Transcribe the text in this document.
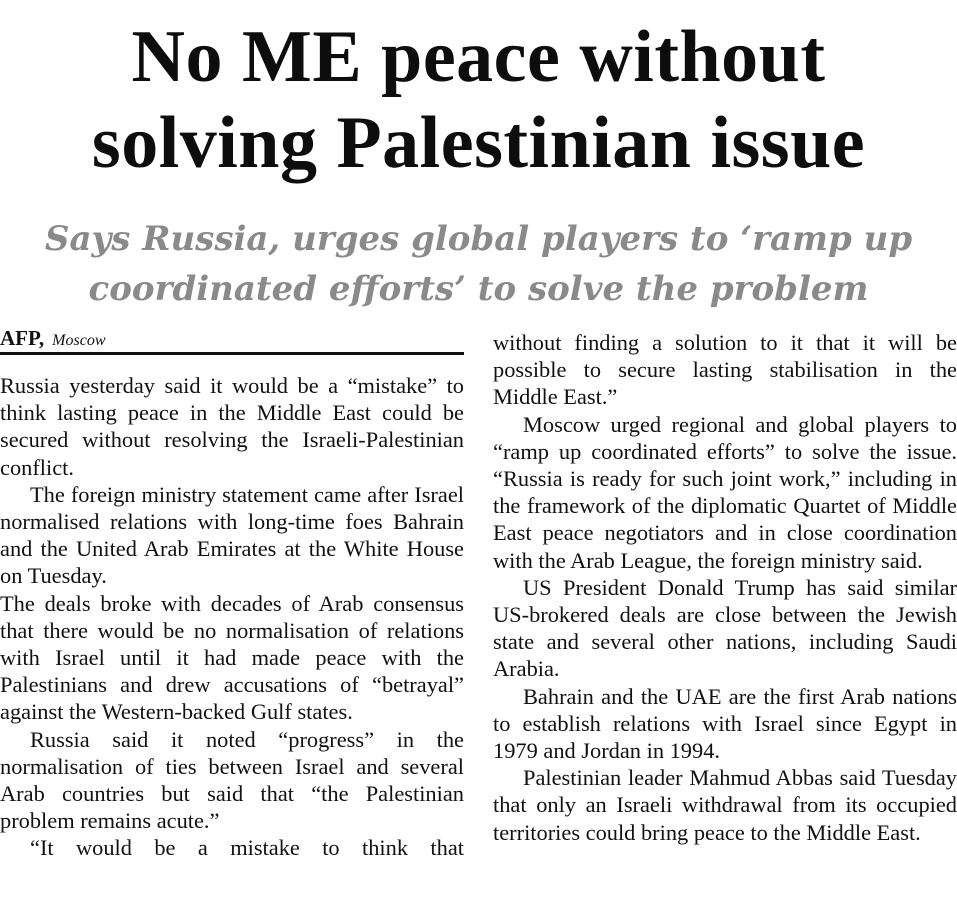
No ME peace without
solving Palestinian issue
Says Russia, urges global players to ‘ramp up
coordinated efforts’ to solve the problem
AFP, Moscow

Russia yesterday said it would be a “mistake” to think lasting peace in the Middle East could be secured without resolving the Israeli-Palestinian conflict.

The foreign ministry statement came after Israel normalised relations with long-time foes Bahrain and the United Arab Emirates at the White House on Tuesday.

The deals broke with decades of Arab consensus that there would be no normalisation of relations with Israel until it had made peace with the Palestinians and drew accusations of “betrayal” against the Western-backed Gulf states.

Russia said it noted “progress” in the normalisation of ties between Israel and several Arab countries but said that “the Palestinian problem remains acute.”

“It would be a mistake to think that

without finding a solution to it that it will be possible to secure lasting stabilisation in the Middle East.”

Moscow urged regional and global players to “ramp up coordinated efforts” to solve the issue. “Russia is ready for such joint work,” including in the framework of the diplomatic Quartet of Middle East peace negotiators and in close coordination with the Arab League, the foreign ministry said.

US President Donald Trump has said similar US-brokered deals are close between the Jewish state and several other nations, including Saudi Arabia.

Bahrain and the UAE are the first Arab nations to establish relations with Israel since Egypt in 1979 and Jordan in 1994.

Palestinian leader Mahmud Abbas said Tuesday that only an Israeli withdrawal from its occupied territories could bring peace to the Middle East.
